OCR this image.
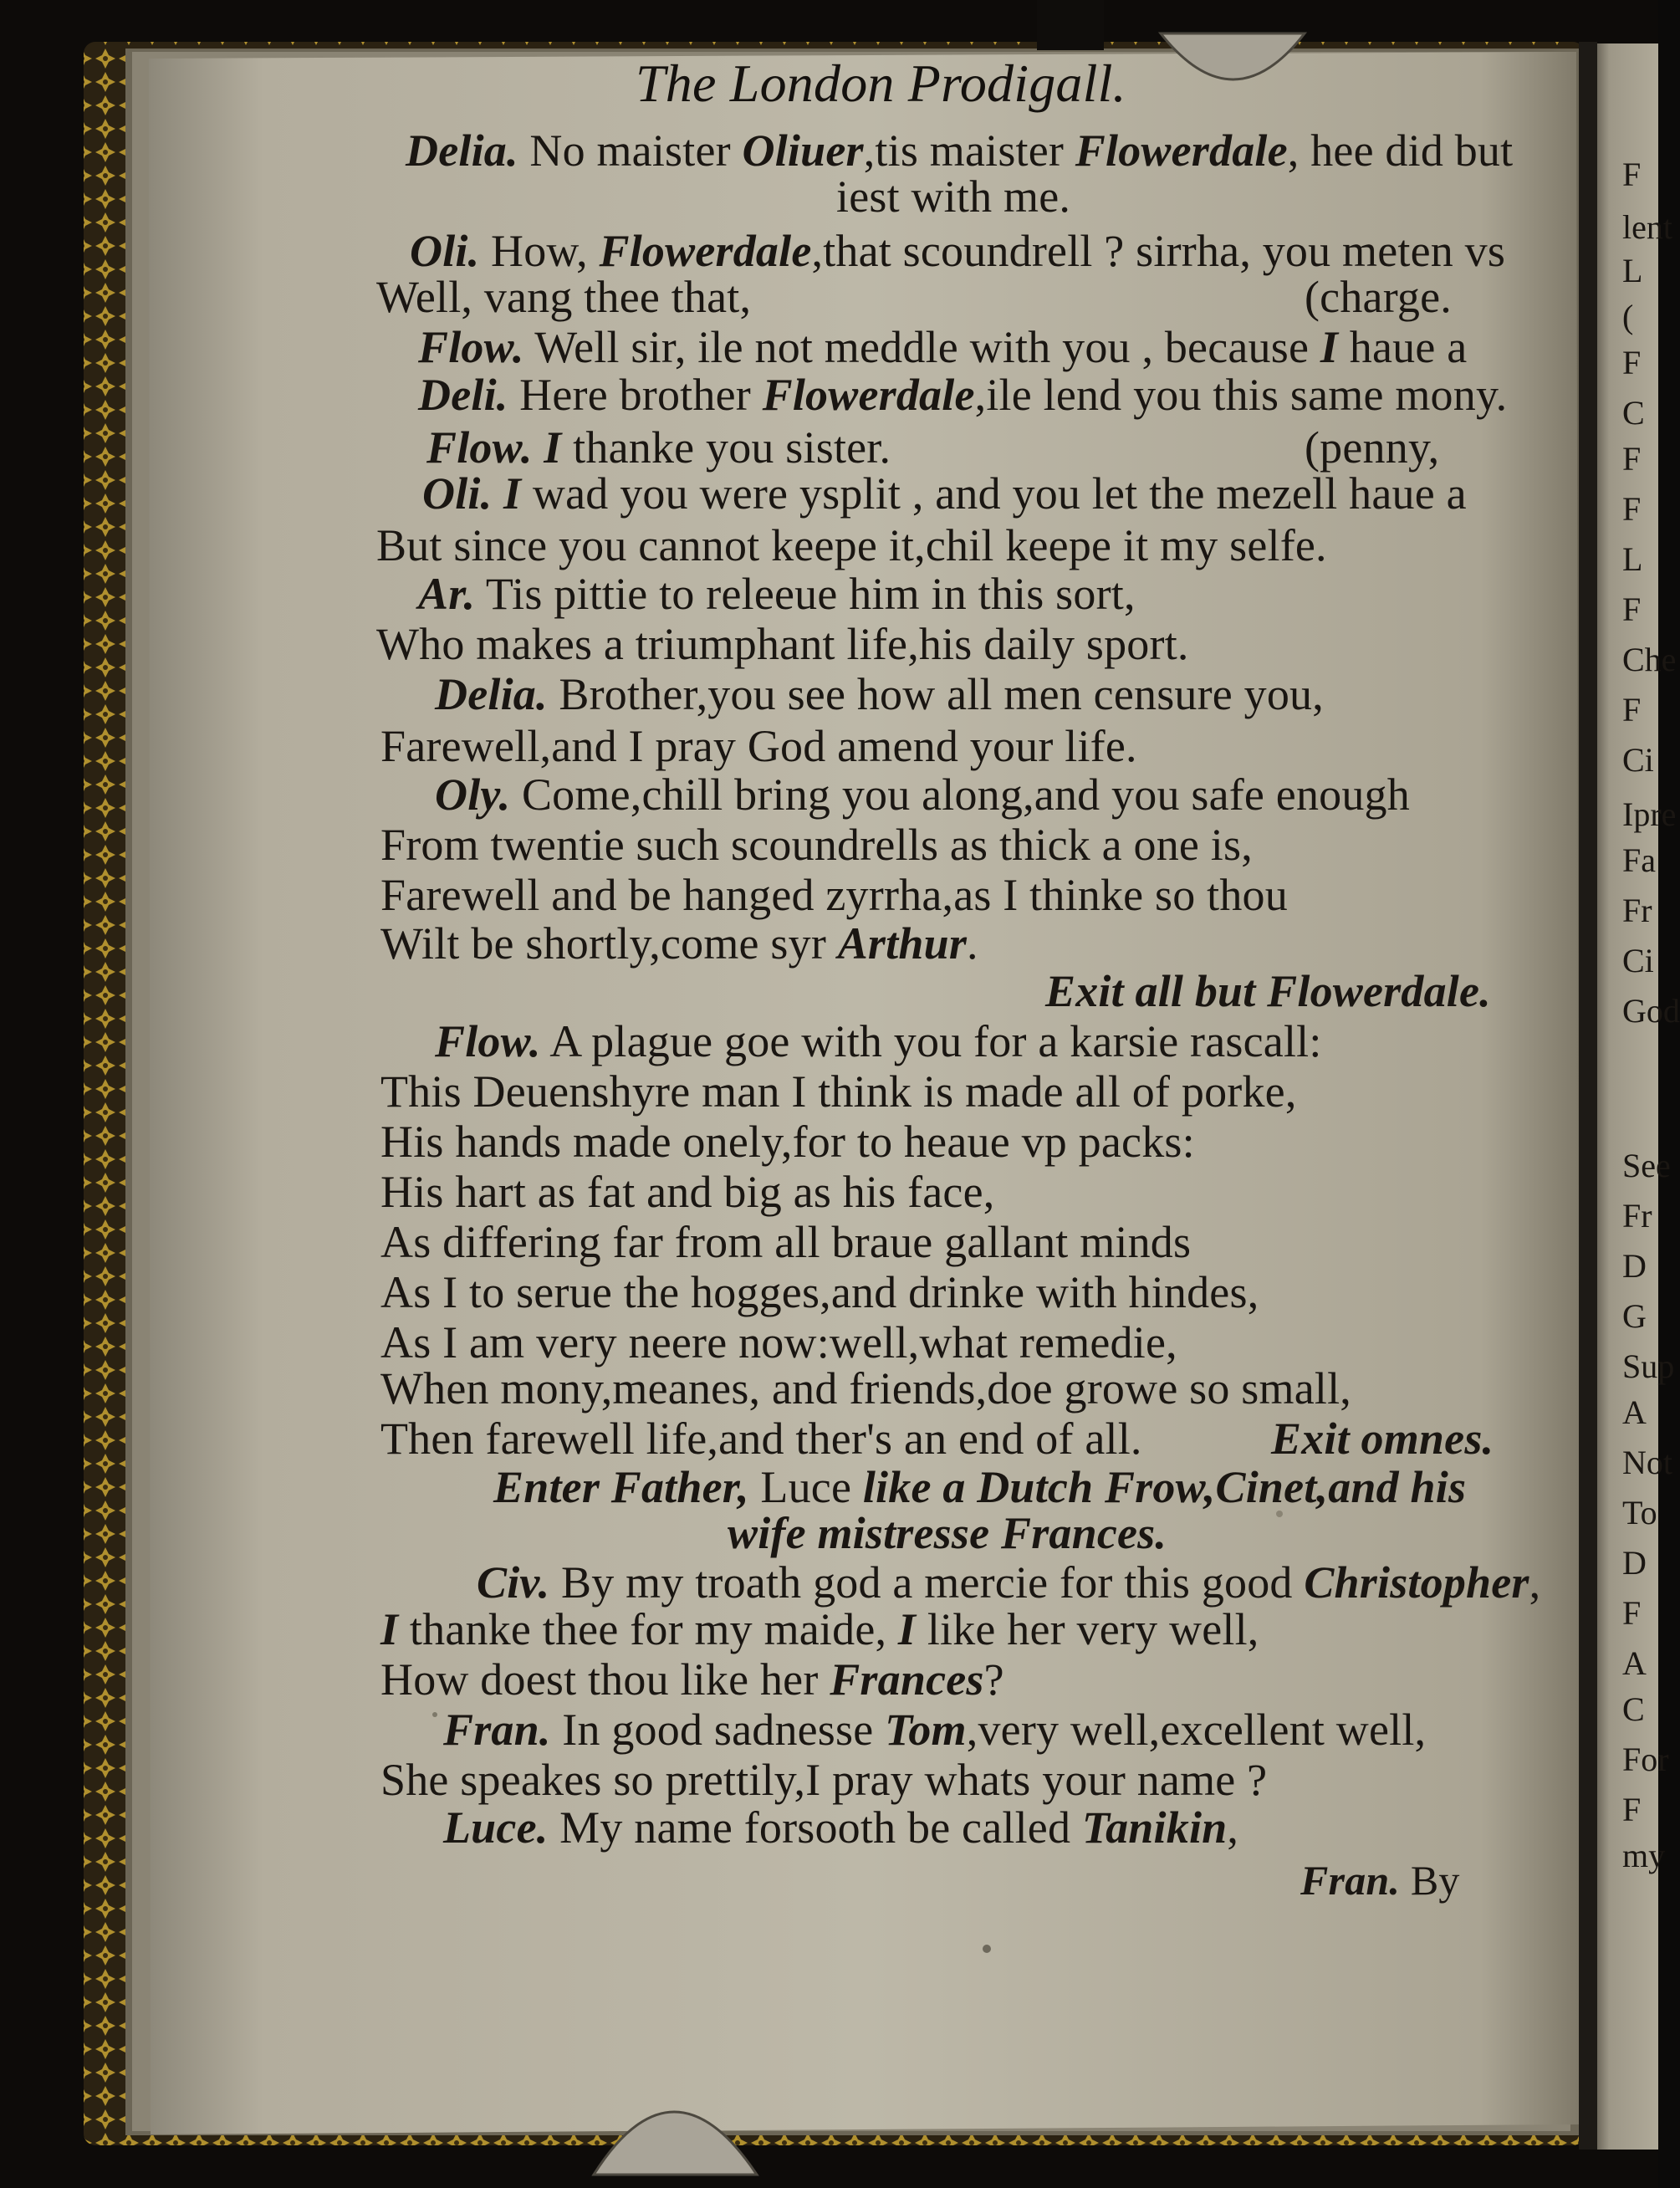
The London Prodigall.
Delia. No maister Oliuer,tis maister Flowerdale, hee did but
iest with me.
Oli. How, Flowerdale,that scoundrell ? sirrha, you meten vs
Well, vang thee that,	(charge.
Flow. Well sir, ile not meddle with you , because I haue a
Deli. Here brother Flowerdale,ile lend you this same mony.
Flow. I thanke you sister.	(penny,
Oli. I wad you were ysplit , and you let the mezell haue a
But since you cannot keepe it,chil keepe it my selfe.
Ar. Tis pittie to releeue him in this sort,
Who makes a triumphant life,his daily sport.
Delia. Brother,you see how all men censure you,
Farewell,and I pray God amend your life.
Oly. Come,chill bring you along,and you safe enough
From twentie such scoundrells as thick a one is,
Farewell and be hanged zyrrha,as I thinke so thou
Wilt be shortly,come syr Arthur.
Exit all but Flowerdale.
Flow. A plague goe with you for a karsie rascall:
This Deuenshyre man I think is made all of porke,
His hands made onely,for to heaue vp packs:
His hart as fat and big as his face,
As differing far from all braue gallant minds
As I to serue the hogges,and drinke with hindes,
As I am very neere now:well,what remedie,
When mony,meanes, and friends,doe growe so small,
Then farewell life,and ther's an end of all.	Exit omnes.
Enter Father, Luce like a Dutch Frow,Cinet,and his
wife mistresse Frances.
Civ. By my troath god a mercie for this good Christopher,
I thanke thee for my maide, I like her very well,
How doest thou like her Frances?
Fran. In good sadnesse Tom,very well,excellent well,
She speakes so prettily,I pray whats your name ?
Luce. My name forsooth be called Tanikin,
Fran. By
F
lent
L
(
F
C
F
F
L
F
Che
F
Ci
Ipre
Fa
Fr
Ci
God
See
Fr
D
G
Sup
A
Not
To
D
F
A
C
For
F
my
